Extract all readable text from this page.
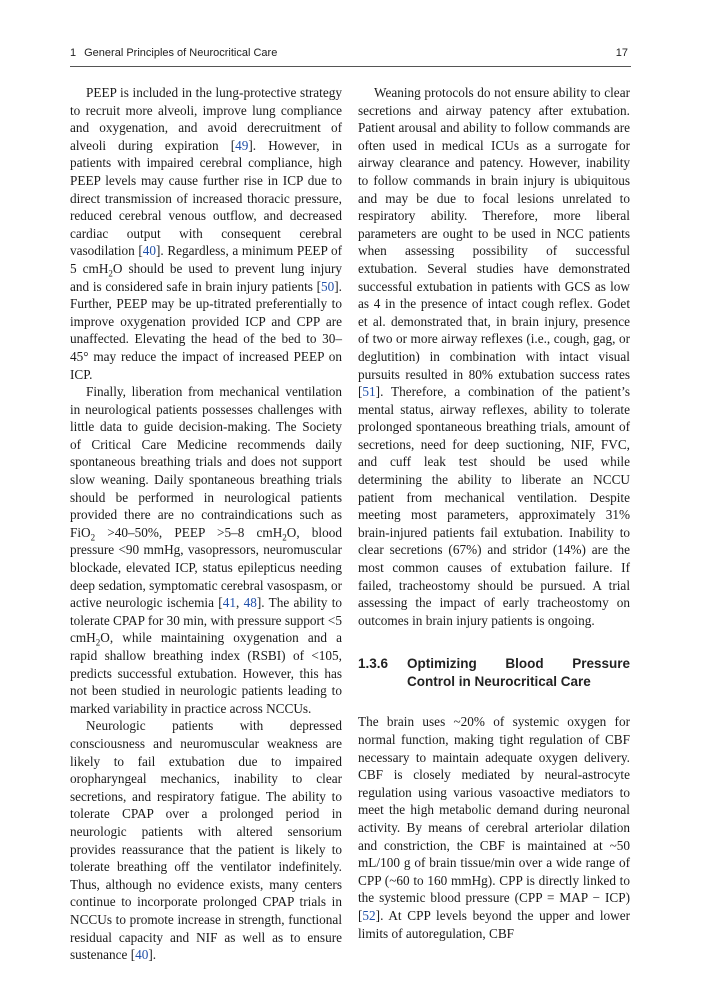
1 General Principles of Neurocritical Care	17

PEEP is included in the lung-protective strategy to recruit more alveoli, improve lung compliance and oxygenation, and avoid derecruitment of alveoli during expiration [49]. However, in patients with impaired cerebral compliance, high PEEP levels may cause further rise in ICP due to direct transmission of increased thoracic pressure, reduced cerebral venous outflow, and decreased cardiac output with consequent cerebral vasodilation [40]. Regardless, a minimum PEEP of 5 cmH$_2$O should be used to prevent lung injury and is considered safe in brain injury patients [50]. Further, PEEP may be up-titrated preferentially to improve oxygenation provided ICP and CPP are unaffected. Elevating the head of the bed to 30–45° may reduce the impact of increased PEEP on ICP.

Finally, liberation from mechanical ventilation in neurological patients possesses challenges with little data to guide decision-making. The Society of Critical Care Medicine recommends daily spontaneous breathing trials and does not support slow weaning. Daily spontaneous breathing trials should be performed in neurological patients provided there are no contraindications such as FiO$_2$ >40–50%, PEEP >5–8 cmH$_2$O, blood pressure <90 mmHg, vasopressors, neuromuscular blockade, elevated ICP, status epilepticus needing deep sedation, symptomatic cerebral vasospasm, or active neurologic ischemia [41, 48]. The ability to tolerate CPAP for 30 min, with pressure support <5 cmH$_2$O, while maintaining oxygenation and a rapid shallow breathing index (RSBI) of <105, predicts successful extubation. However, this has not been studied in neurologic patients leading to marked variability in practice across NCCUs.

Neurologic patients with depressed consciousness and neuromuscular weakness are likely to fail extubation due to impaired oropharyngeal mechanics, inability to clear secretions, and respiratory fatigue. The ability to tolerate CPAP over a prolonged period in neurologic patients with altered sensorium provides reassurance that the patient is likely to tolerate breathing off the ventilator indefinitely. Thus, although no evidence exists, many centers continue to incorporate prolonged CPAP trials in NCCUs to promote increase in strength, functional residual capacity and NIF as well as to ensure sustenance [40].

Weaning protocols do not ensure ability to clear secretions and airway patency after extubation. Patient arousal and ability to follow commands are often used in medical ICUs as a surrogate for airway clearance and patency. However, inability to follow commands in brain injury is ubiquitous and may be due to focal lesions unrelated to respiratory ability. Therefore, more liberal parameters are ought to be used in NCC patients when assessing possibility of successful extubation. Several studies have demonstrated successful extubation in patients with GCS as low as 4 in the presence of intact cough reflex. Godet et al. demonstrated that, in brain injury, presence of two or more airway reflexes (i.e., cough, gag, or deglutition) in combination with intact visual pursuits resulted in 80% extubation success rates [51]. Therefore, a combination of the patient’s mental status, airway reflexes, ability to tolerate prolonged spontaneous breathing trials, amount of secretions, need for deep suctioning, NIF, FVC, and cuff leak test should be used while determining the ability to liberate an NCCU patient from mechanical ventilation. Despite meeting most parameters, approximately 31% brain-injured patients fail extubation. Inability to clear secretions (67%) and stridor (14%) are the most common causes of extubation failure. If failed, tracheostomy should be pursued. A trial assessing the impact of early tracheostomy on outcomes in brain injury patients is ongoing.

1.3.6 Optimizing Blood Pressure Control in Neurocritical Care

The brain uses ~20% of systemic oxygen for normal function, making tight regulation of CBF necessary to maintain adequate oxygen delivery. CBF is closely mediated by neural-astrocyte regulation using various vasoactive mediators to meet the high metabolic demand during neuronal activity. By means of cerebral arteriolar dilation and constriction, the CBF is maintained at ~50 mL/100 g of brain tissue/min over a wide range of CPP (~60 to 160 mmHg). CPP is directly linked to the systemic blood pressure (CPP = MAP − ICP) [52]. At CPP levels beyond the upper and lower limits of autoregulation, CBF
